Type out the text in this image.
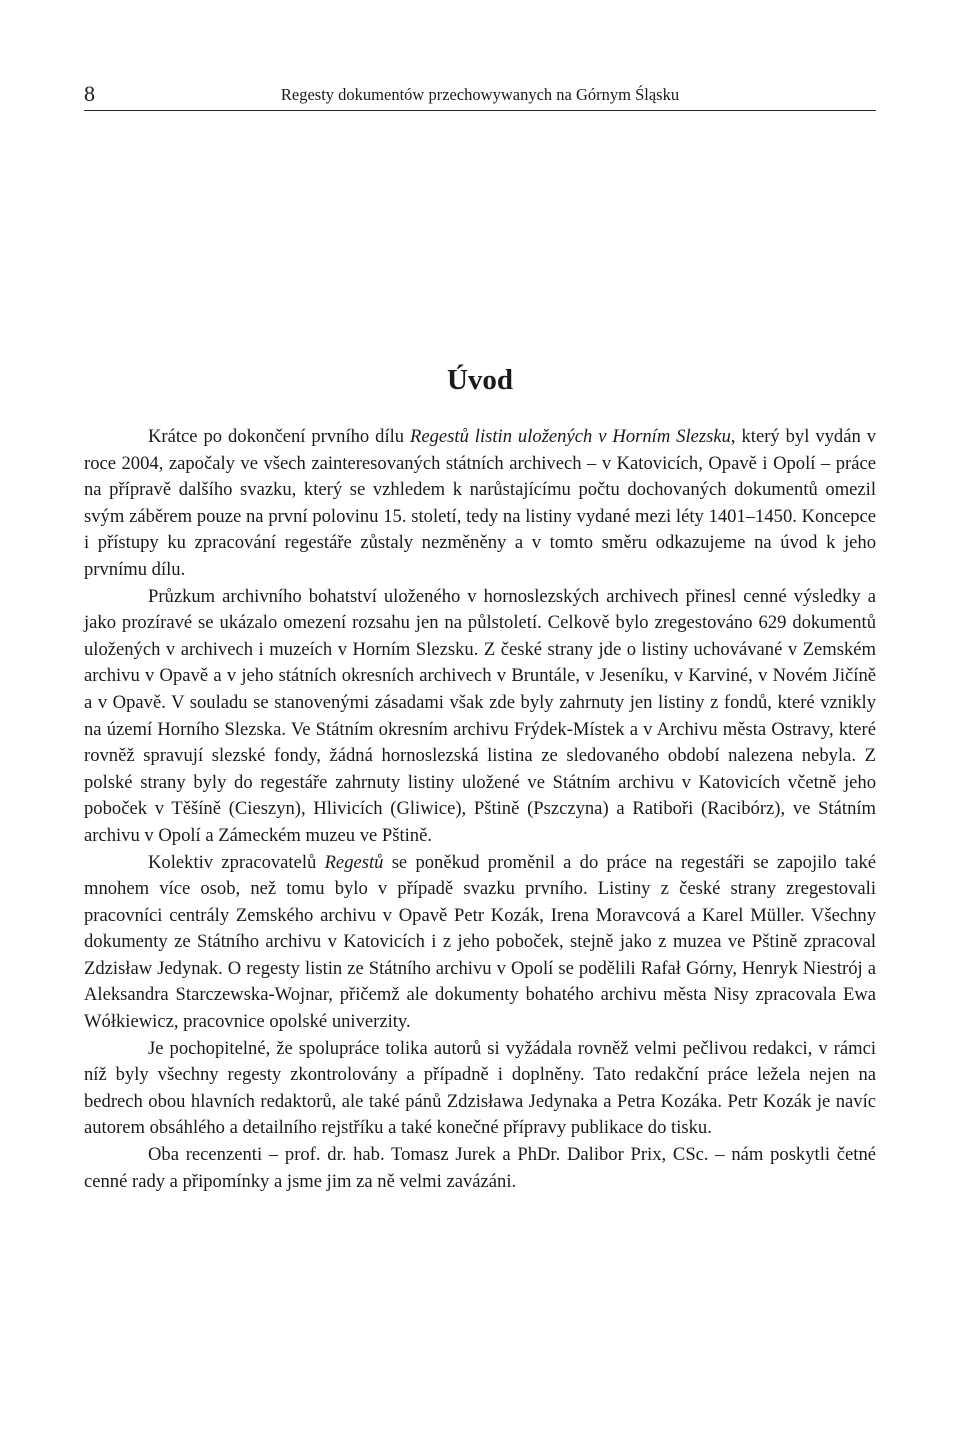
8	Regesty dokumentów przechowywanych na Górnym Śląsku
Úvod

Krátce po dokončení prvního dílu Regestů listin uložených v Horním Slezsku, který byl vydán v roce 2004, započaly ve všech zainteresovaných státních archivech – v Katovicích, Opavě i Opolí – práce na přípravě dalšího svazku, který se vzhledem k narůstajícímu počtu dochovaných dokumentů omezil svým záběrem pouze na první polovinu 15. století, tedy na listiny vydané mezi léty 1401–1450. Koncepce i přístupy ku zpracování regestáře zůstaly nezměněny a v tomto směru odkazujeme na úvod k jeho prvnímu dílu.

Průzkum archivního bohatství uloženého v hornoslezských archivech přinesl cenné výsledky a jako prozíravé se ukázalo omezení rozsahu jen na půlstoletí. Celkově bylo zregestováno 629 dokumentů uložených v archivech i muzeích v Horním Slezsku. Z české strany jde o listiny uchovávané v Zemském archivu v Opavě a v jeho státních okresních archivech v Bruntále, v Jeseníku, v Karviné, v Novém Jičíně a v Opavě. V souladu se stanovenými zásadami však zde byly zahrnuty jen listiny z fondů, které vznikly na území Horního Slezska. Ve Státním okresním archivu Frýdek-Místek a v Archivu města Ostravy, které rovněž spravují slezské fondy, žádná hornoslezská listina ze sledovaného období nalezena nebyla. Z polské strany byly do regestáře zahrnuty listiny uložené ve Státním archivu v Katovicích včetně jeho poboček v Těšíně (Cieszyn), Hlivicích (Gliwice), Pštině (Pszczyna) a Ratiboři (Racibórz), ve Státním archivu v Opolí a Zámeckém muzeu ve Pštině.

Kolektiv zpracovatelů Regestů se poněkud proměnil a do práce na regestáři se zapojilo také mnohem více osob, než tomu bylo v případě svazku prvního. Listiny z české strany zregestovali pracovníci centrály Zemského archivu v Opavě Petr Kozák, Irena Moravcová a Karel Müller. Všechny dokumenty ze Státního archivu v Katovicích i z jeho poboček, stejně jako z muzea ve Pštině zpracoval Zdzisław Jedynak. O regesty listin ze Státního archivu v Opolí se podělili Rafał Górny, Henryk Niestrój a Aleksandra Starczewska-Wojnar, přičemž ale dokumenty bohatého archivu města Nisy zpracovala Ewa Wółkiewicz, pracovnice opolské univerzity.

Je pochopitelné, že spolupráce tolika autorů si vyžádala rovněž velmi pečlivou redakci, v rámci níž byly všechny regesty zkontrolovány a případně i doplněny. Tato redakční práce ležela nejen na bedrech obou hlavních redaktorů, ale také pánů Zdzisława Jedynaka a Petra Kozáka. Petr Kozák je navíc autorem obsáhlého a detailního rejstříku a také konečné přípravy publikace do tisku.

Oba recenzenti – prof. dr. hab. Tomasz Jurek a PhDr. Dalibor Prix, CSc. – nám poskytli četné cenné rady a připomínky a jsme jim za ně velmi zavázáni.
